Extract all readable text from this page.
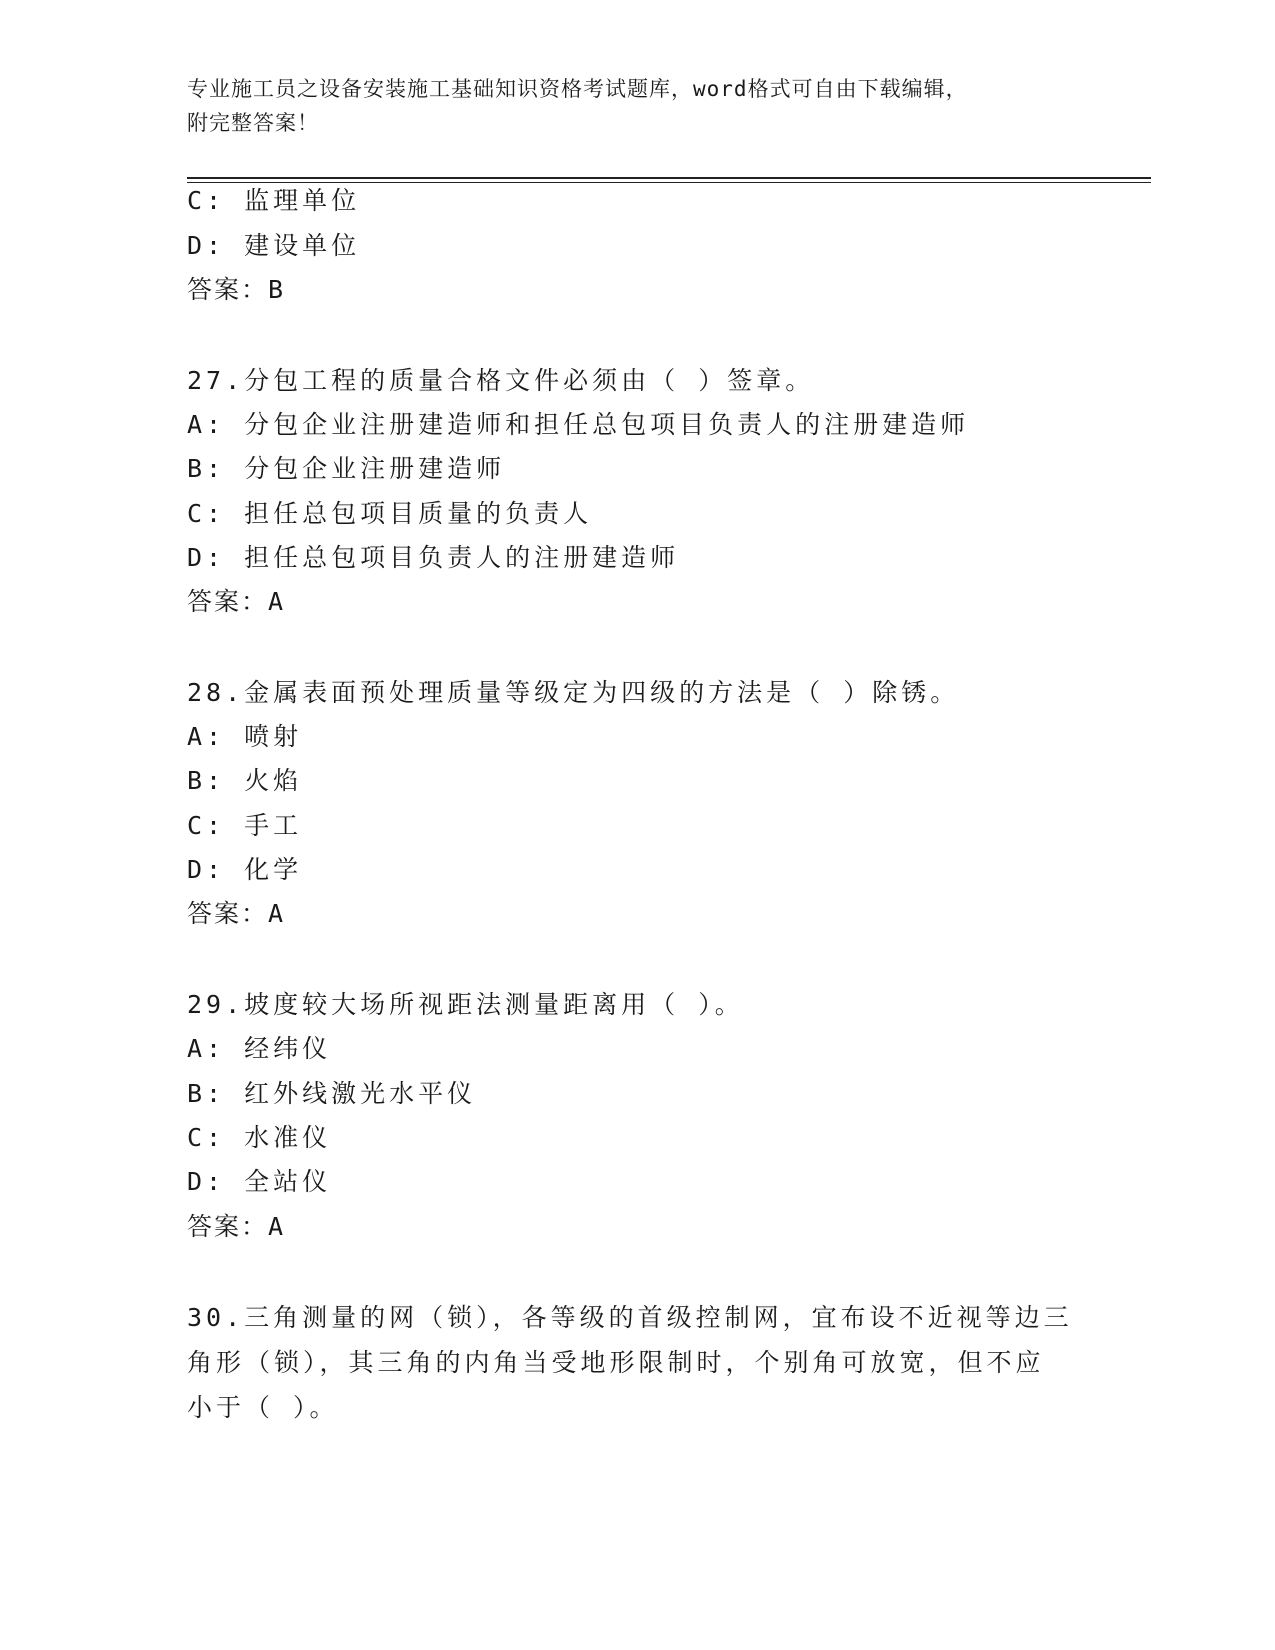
专业施工员之设备安装施工基础知识资格考试题库，word格式可自由下载编辑，
附完整答案！
C: 监理单位
D: 建设单位
答案：B
27.分包工程的质量合格文件必须由（ ）签章。
A: 分包企业注册建造师和担任总包项目负责人的注册建造师
B: 分包企业注册建造师
C: 担任总包项目质量的负责人
D: 担任总包项目负责人的注册建造师
答案：A
28.金属表面预处理质量等级定为四级的方法是（ ）除锈。
A: 喷射
B: 火焰
C: 手工
D: 化学
答案：A
29.坡度较大场所视距法测量距离用（ ）。
A: 经纬仪
B: 红外线激光水平仪
C: 水准仪
D: 全站仪
答案：A
30.三角测量的网（锁），各等级的首级控制网，宜布设不近视等边三
角形（锁），其三角的内角当受地形限制时，个别角可放宽，但不应
小于（ ）。
